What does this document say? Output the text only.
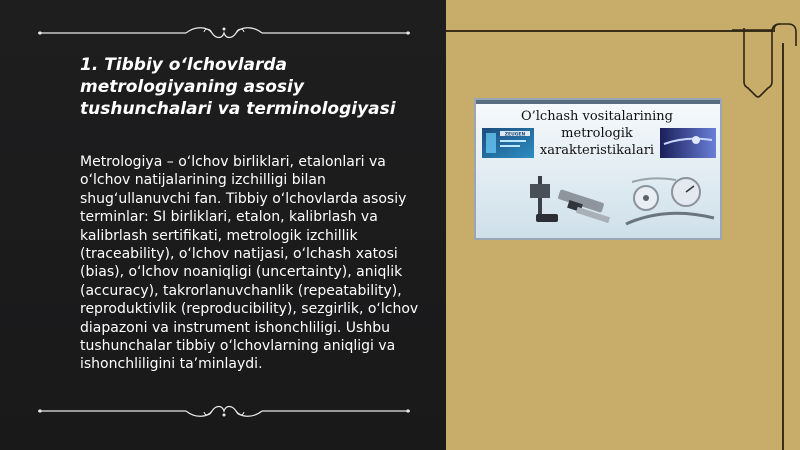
1. Tibbiy o‘lchovlarda metrologiyaning asosiy tushunchalari va terminologiyasi
Metrologiya – o‘lchov birliklari, etalonlari va o‘lchov natijalarining izchilligi bilan shug‘ullanuvchi fan. Tibbiy o‘lchovlarda asosiy terminlar: SI birliklari, etalon, kalibrlash va kalibrlash sertifikati, metrologik izchillik (traceability), o‘lchov natijasi, o‘lchash xatosi (bias), o‘lchov noaniqligi (uncertainty), aniqlik (accuracy), takrorlanuvchanlik (repeatability), reproduktivlik (reproducibility), sezgirlik, o‘lchov diapazoni va instrument ishonchliligi. Ushbu tushunchalar tibbiy o‘lchovlarning aniqligi va ishonchliligini ta’minlaydi.
ZEUGEN
O’lchash vositalarining metrologik xarakteristikalari
